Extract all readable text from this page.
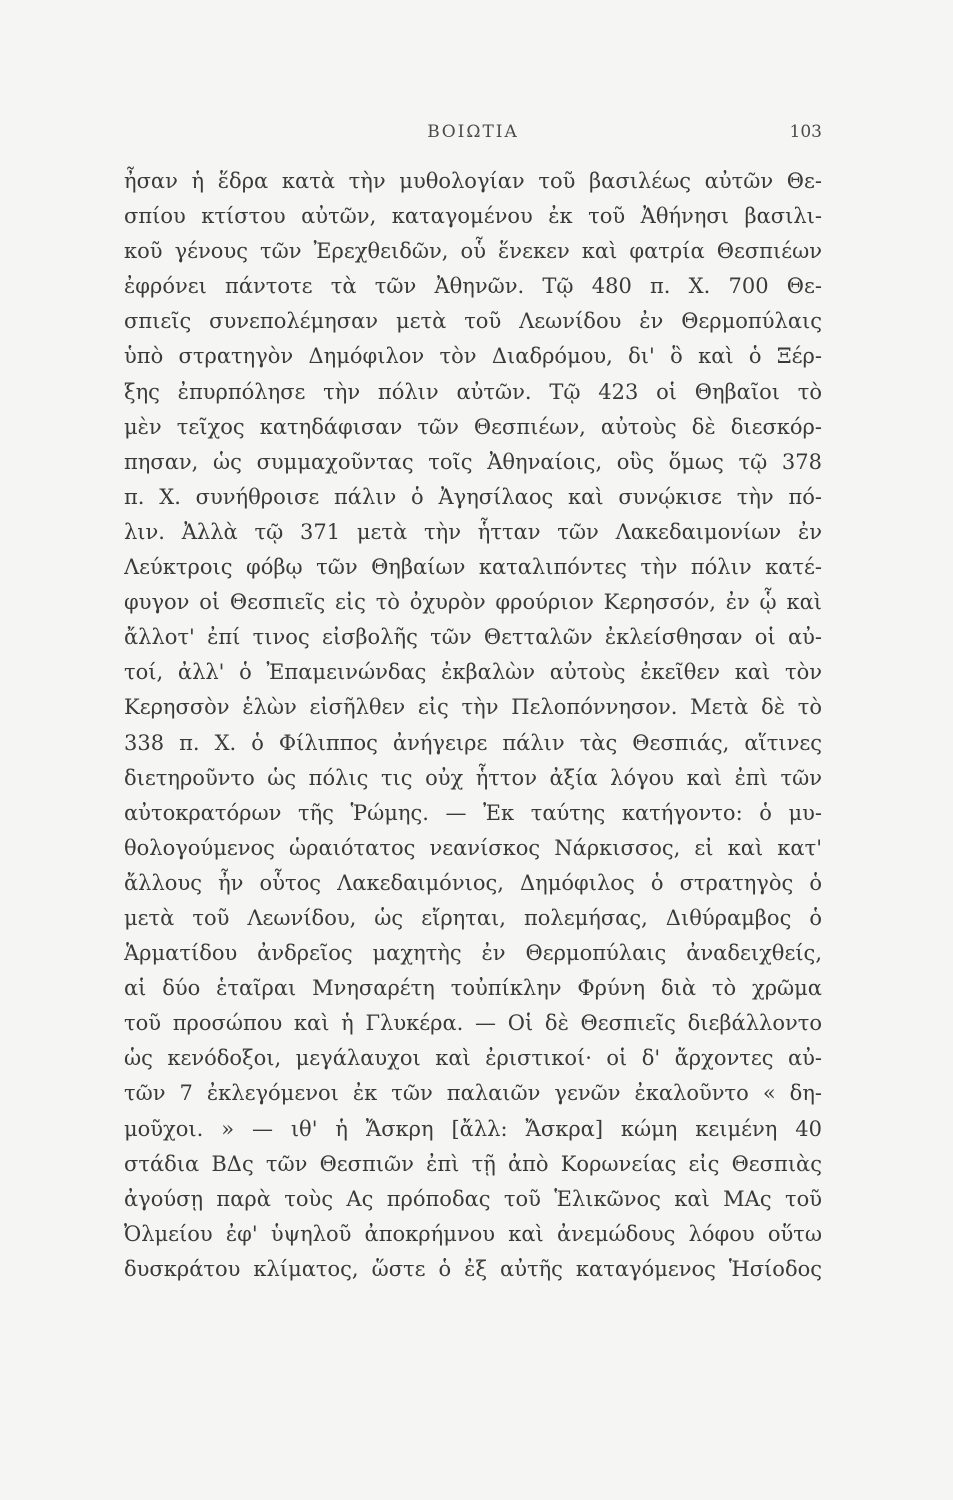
ΒΟΙΩΤΙΑ	103
ἦσαν ἡ ἕδρα κατὰ τὴν μυθολογίαν τοῦ βασιλέως αὐτῶν Θε-
σπίου κτίστου αὐτῶν, καταγομένου ἐκ τοῦ Ἀθήνησι βασιλι-
κοῦ γένους τῶν Ἐρεχθειδῶν, οὗ ἕνεκεν καὶ φατρία Θεσπιέων
ἐφρόνει πάντοτε τὰ τῶν Ἀθηνῶν. Τῷ 480 π. Χ. 700 Θε-
σπιεῖς συνεπολέμησαν μετὰ τοῦ Λεωνίδου ἐν Θερμοπύλαις
ὑπὸ στρατηγὸν Δημόφιλον τὸν Διαδρόμου, δι' ὃ καὶ ὁ Ξέρ-
ξης ἐπυρπόλησε τὴν πόλιν αὐτῶν. Τῷ 423 οἱ Θηβαῖοι τὸ
μὲν τεῖχος κατηδάφισαν τῶν Θεσπιέων, αὐτοὺς δὲ διεσκόρ-
πησαν, ὡς συμμαχοῦντας τοῖς Ἀθηναίοις, οὓς ὅμως τῷ 378
π. Χ. συνήθροισε πάλιν ὁ Ἀγησίλαος καὶ συνῴκισε τὴν πό-
λιν. Ἀλλὰ τῷ 371 μετὰ τὴν ἧτταν τῶν Λακεδαιμονίων ἐν
Λεύκτροις φόβῳ τῶν Θηβαίων καταλιπόντες τὴν πόλιν κατέ-
φυγον οἱ Θεσπιεῖς εἰς τὸ ὀχυρὸν φρούριον Κερησσόν, ἐν ᾧ καὶ
ἄλλοτ' ἐπί τινος εἰσβολῆς τῶν Θετταλῶν ἐκλείσθησαν οἱ αὐ-
τοί, ἀλλ' ὁ Ἐπαμεινώνδας ἐκβαλὼν αὐτοὺς ἐκεῖθεν καὶ τὸν
Κερησσὸν ἑλὼν εἰσῆλθεν εἰς τὴν Πελοπόννησον. Μετὰ δὲ τὸ
338 π. Χ. ὁ Φίλιππος ἀνήγειρε πάλιν τὰς Θεσπιάς, αἵτινες
διετηροῦντο ὡς πόλις τις οὐχ ἧττον ἀξία λόγου καὶ ἐπὶ τῶν
αὐτοκρατόρων τῆς Ῥώμης. — Ἐκ ταύτης κατήγοντο: ὁ μυ-
θολογούμενος ὡραιότατος νεανίσκος Νάρκισσος, εἰ καὶ κατ'
ἄλλους ἦν οὗτος Λακεδαιμόνιος, Δημόφιλος ὁ στρατηγὸς ὁ
μετὰ τοῦ Λεωνίδου, ὡς εἴρηται, πολεμήσας, Διθύραμβος ὁ
Ἁρματίδου ἀνδρεῖος μαχητὴς ἐν Θερμοπύλαις ἀναδειχθείς,
αἱ δύο ἑταῖραι Μνησαρέτη τοὐπίκλην Φρύνη διὰ τὸ χρῶμα
τοῦ προσώπου καὶ ἡ Γλυκέρα. — Οἱ δὲ Θεσπιεῖς διεβάλλοντο
ὡς κενόδοξοι, μεγάλαυχοι καὶ ἐριστικοί· οἱ δ' ἄρχοντες αὐ-
τῶν 7 ἐκλεγόμενοι ἐκ τῶν παλαιῶν γενῶν ἐκαλοῦντο « δη-
μοῦχοι. » — ιθ' ἡ Ἄσκρη [ἄλλ: Ἄσκρα] κώμη κειμένη 40
στάδια ΒΔς τῶν Θεσπιῶν ἐπὶ τῇ ἀπὸ Κορωνείας εἰς Θεσπιὰς
ἀγούσῃ παρὰ τοὺς Ας πρόποδας τοῦ Ἑλικῶνος καὶ ΜΑς τοῦ
Ὀλμείου ἐφ' ὑψηλοῦ ἀποκρήμνου καὶ ἀνεμώδους λόφου οὕτω
δυσκράτου κλίματος, ὥστε ὁ ἐξ αὐτῆς καταγόμενος Ἡσίοδος
